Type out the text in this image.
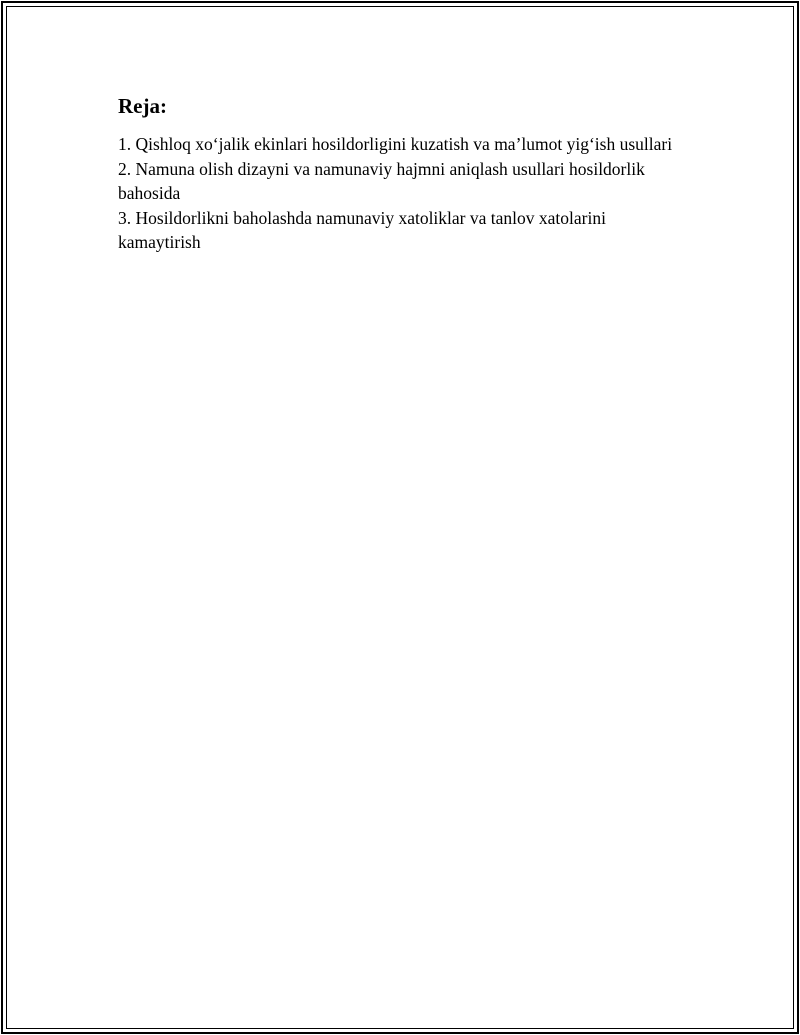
Reja:
1. Qishloq xo‘jalik ekinlari hosildorligini kuzatish va ma’lumot yig‘ish usullari
2. Namuna olish dizayni va namunaviy hajmni aniqlash usullari hosildorlik bahosida
3. Hosildorlikni baholashda namunaviy xatoliklar va tanlov xatolarini kamaytirish
